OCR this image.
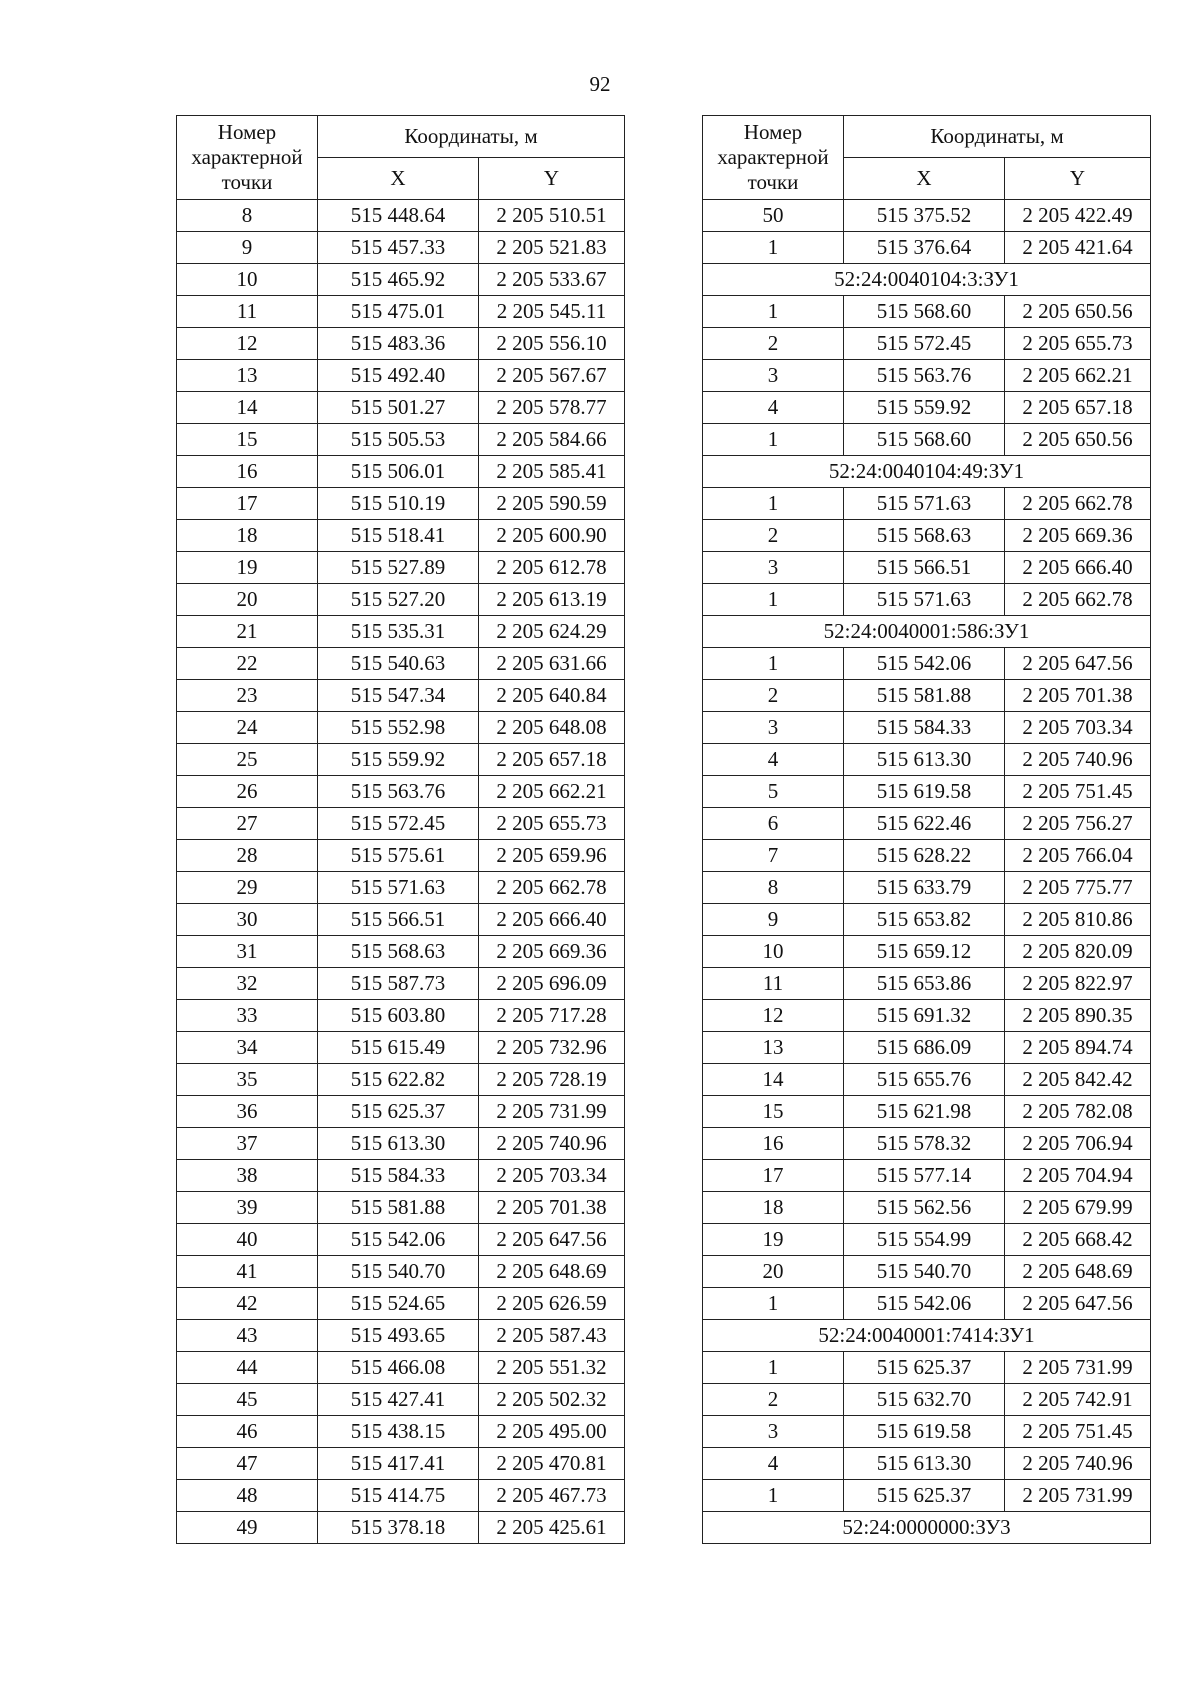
92
Номер характерной точки	Координаты, м	
	X	Y
8	515 448.64	2 205 510.51
9	515 457.33	2 205 521.83
10	515 465.92	2 205 533.67
11	515 475.01	2 205 545.11
12	515 483.36	2 205 556.10
13	515 492.40	2 205 567.67
14	515 501.27	2 205 578.77
15	515 505.53	2 205 584.66
16	515 506.01	2 205 585.41
17	515 510.19	2 205 590.59
18	515 518.41	2 205 600.90
19	515 527.89	2 205 612.78
20	515 527.20	2 205 613.19
21	515 535.31	2 205 624.29
22	515 540.63	2 205 631.66
23	515 547.34	2 205 640.84
24	515 552.98	2 205 648.08
25	515 559.92	2 205 657.18
26	515 563.76	2 205 662.21
27	515 572.45	2 205 655.73
28	515 575.61	2 205 659.96
29	515 571.63	2 205 662.78
30	515 566.51	2 205 666.40
31	515 568.63	2 205 669.36
32	515 587.73	2 205 696.09
33	515 603.80	2 205 717.28
34	515 615.49	2 205 732.96
35	515 622.82	2 205 728.19
36	515 625.37	2 205 731.99
37	515 613.30	2 205 740.96
38	515 584.33	2 205 703.34
39	515 581.88	2 205 701.38
40	515 542.06	2 205 647.56
41	515 540.70	2 205 648.69
42	515 524.65	2 205 626.59
43	515 493.65	2 205 587.43
44	515 466.08	2 205 551.32
45	515 427.41	2 205 502.32
46	515 438.15	2 205 495.00
47	515 417.41	2 205 470.81
48	515 414.75	2 205 467.73
49	515 378.18	2 205 425.61
Номер характерной точки	Координаты, м	
	X	Y
50	515 375.52	2 205 422.49
1	515 376.64	2 205 421.64
52:24:0040104:3:ЗУ1		
1	515 568.60	2 205 650.56
2	515 572.45	2 205 655.73
3	515 563.76	2 205 662.21
4	515 559.92	2 205 657.18
1	515 568.60	2 205 650.56
52:24:0040104:49:ЗУ1		
1	515 571.63	2 205 662.78
2	515 568.63	2 205 669.36
3	515 566.51	2 205 666.40
1	515 571.63	2 205 662.78
52:24:0040001:586:ЗУ1		
1	515 542.06	2 205 647.56
2	515 581.88	2 205 701.38
3	515 584.33	2 205 703.34
4	515 613.30	2 205 740.96
5	515 619.58	2 205 751.45
6	515 622.46	2 205 756.27
7	515 628.22	2 205 766.04
8	515 633.79	2 205 775.77
9	515 653.82	2 205 810.86
10	515 659.12	2 205 820.09
11	515 653.86	2 205 822.97
12	515 691.32	2 205 890.35
13	515 686.09	2 205 894.74
14	515 655.76	2 205 842.42
15	515 621.98	2 205 782.08
16	515 578.32	2 205 706.94
17	515 577.14	2 205 704.94
18	515 562.56	2 205 679.99
19	515 554.99	2 205 668.42
20	515 540.70	2 205 648.69
1	515 542.06	2 205 647.56
52:24:0040001:7414:ЗУ1		
1	515 625.37	2 205 731.99
2	515 632.70	2 205 742.91
3	515 619.58	2 205 751.45
4	515 613.30	2 205 740.96
1	515 625.37	2 205 731.99
52:24:0000000:ЗУ3		
